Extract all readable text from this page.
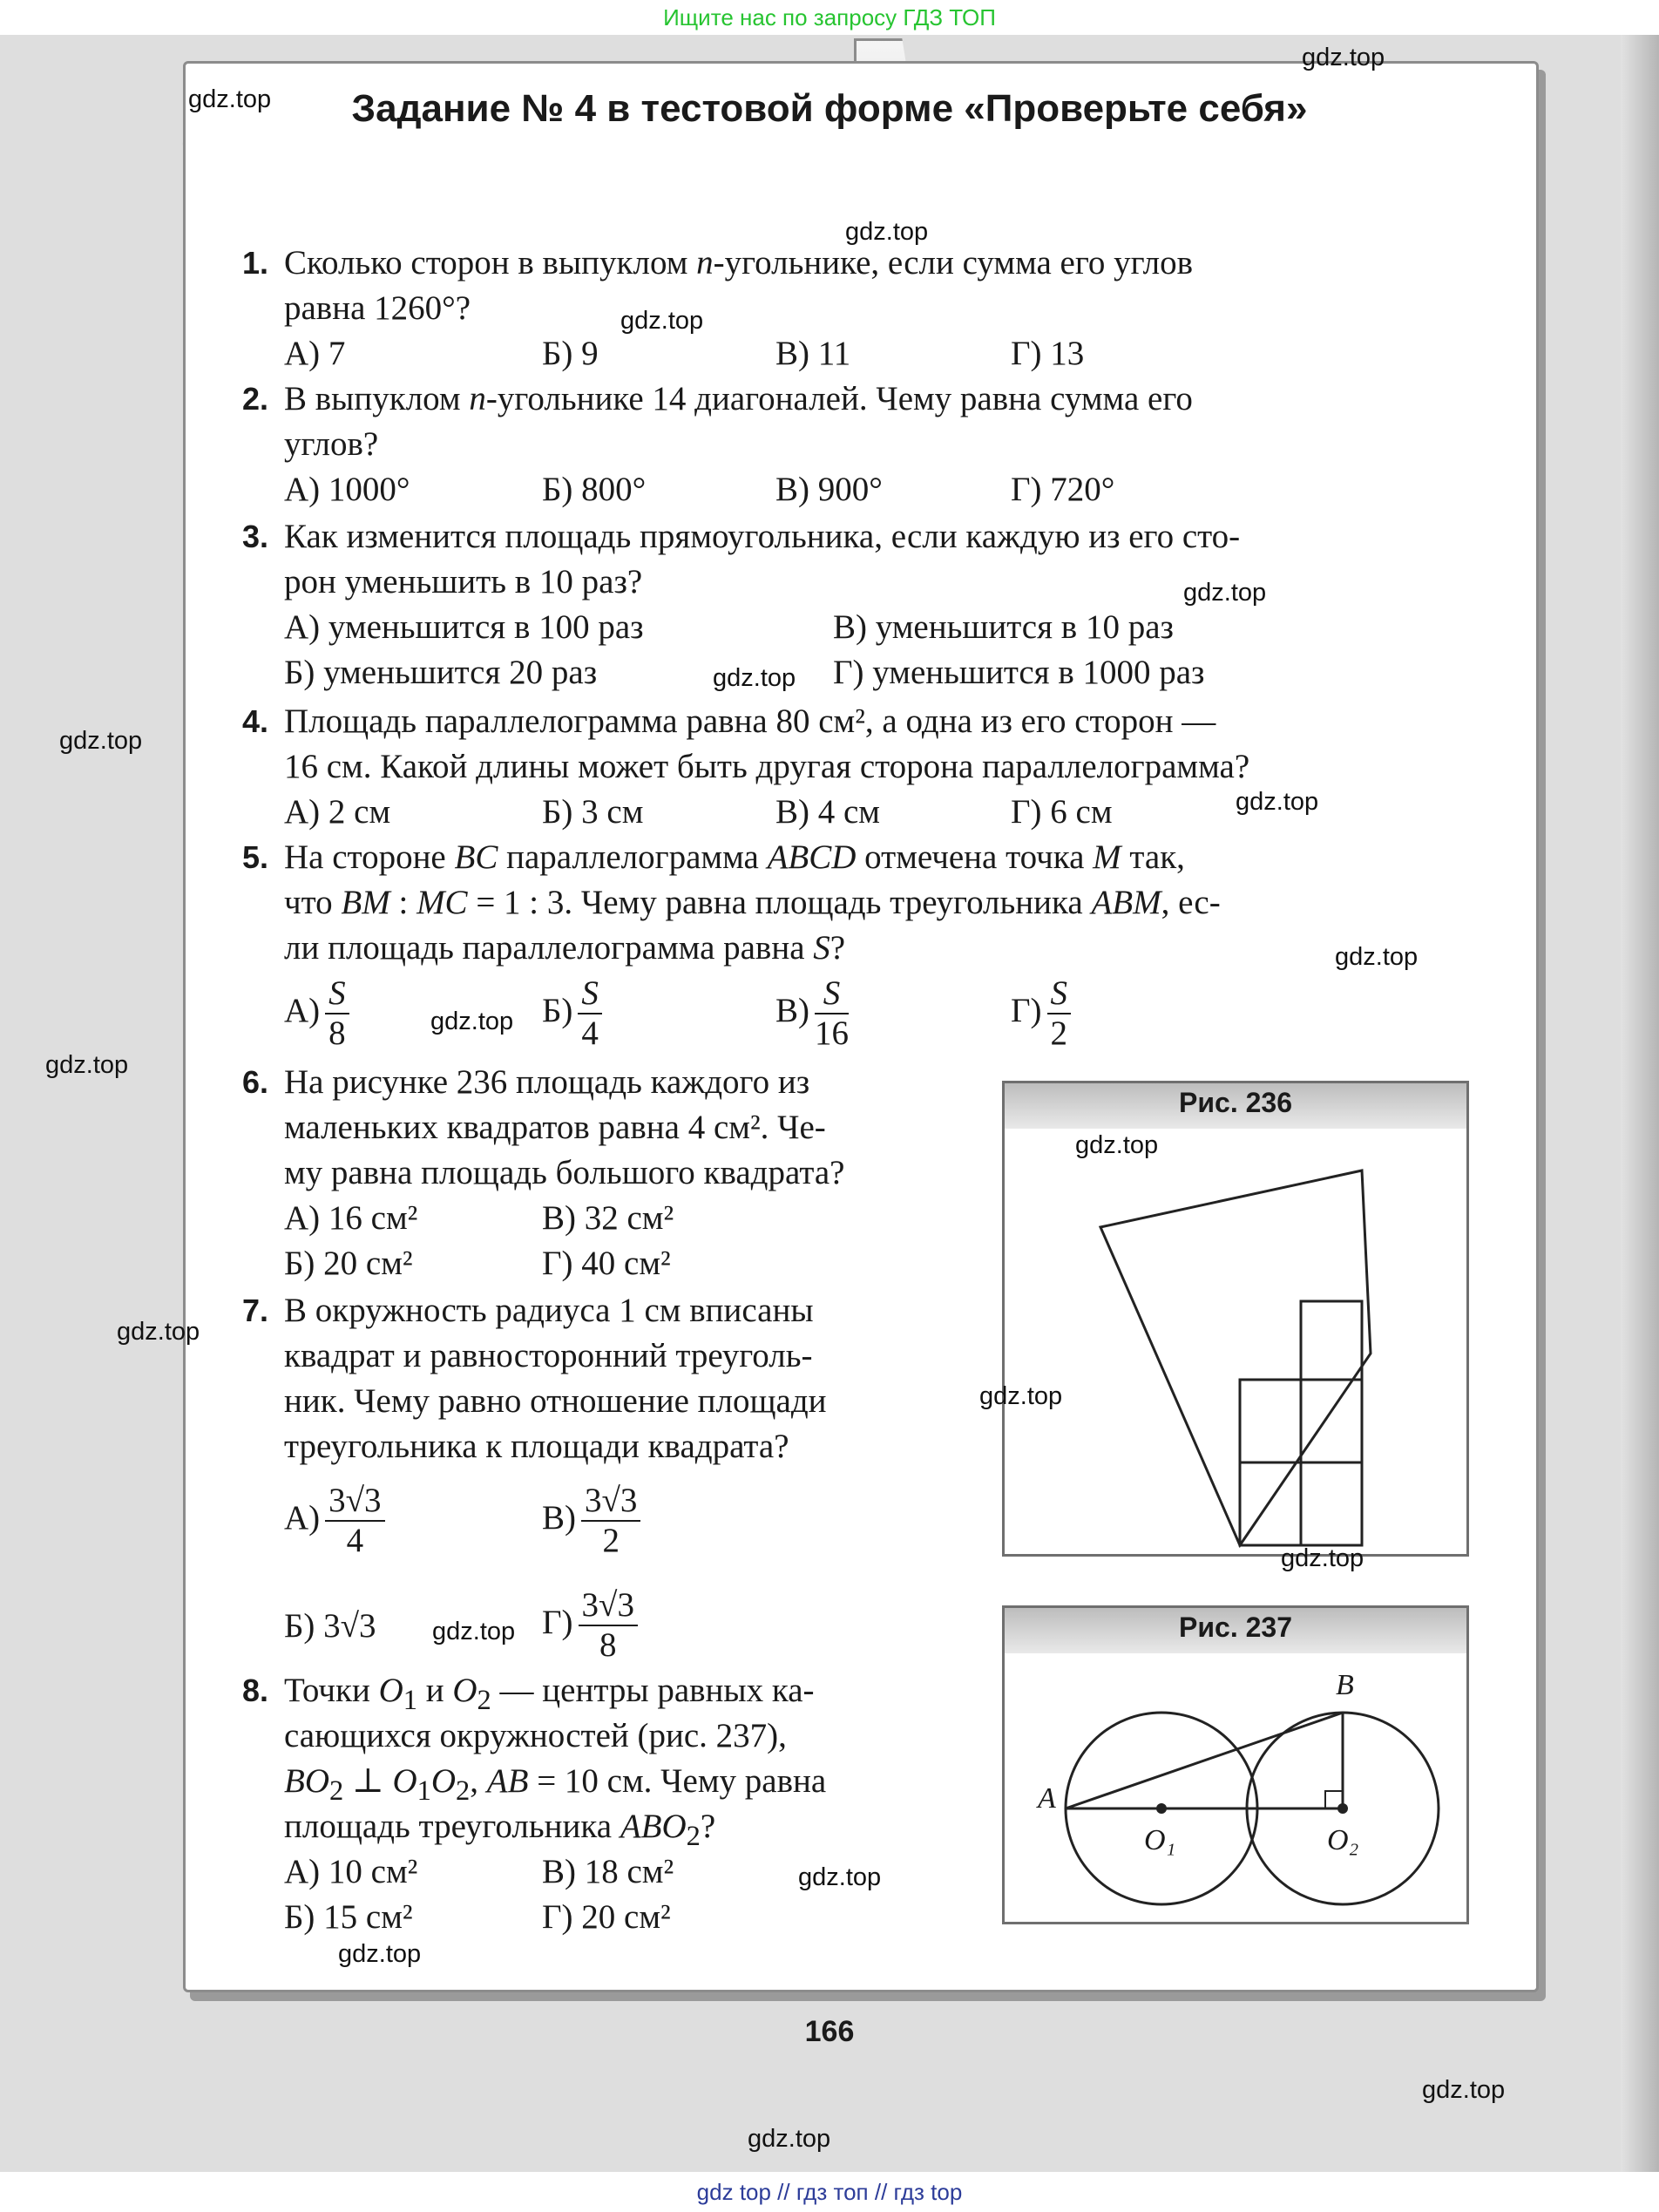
Ищите нас по запросу ГДЗ ТОП
Задание № 4 в тестовой форме «Проверьте себя»
1. Сколько сторон в выпуклом n-угольнике, если сумма его углов
равна 1260°?
А) 7	Б) 9	В) 11	Г) 13
2. В выпуклом n-угольнике 14 диагоналей. Чему равна сумма его
углов?
А) 1000°	Б) 800°	В) 900°	Г) 720°
3. Как изменится площадь прямоугольника, если каждую из его сто-
рон уменьшить в 10 раз?
А) уменьшится в 100 раз	В) уменьшится в 10 раз
Б) уменьшится 20 раз	Г) уменьшится в 1000 раз
4. Площадь параллелограмма равна 80 см², а одна из его сторон —
16 см. Какой длины может быть другая сторона параллелограмма?
А) 2 см	Б) 3 см	В) 4 см	Г) 6 см
5. На стороне BC параллелограмма ABCD отмечена точка M так,
что BM : MC = 1 : 3. Чему равна площадь треугольника ABM, ес-
ли площадь параллелограмма равна S?
$А) \frac{S}{8}$	$Б) \frac{S}{4}$	$В) \frac{S}{16}$	$Г) \frac{S}{2}$
6. На рисунке 236 площадь каждого из
маленьких квадратов равна 4 см². Че-
му равна площадь большого квадрата?
А) 16 см²	В) 32 см²
Б) 20 см²	Г) 40 см²
7. В окружность радиуса 1 см вписаны
квадрат и равносторонний треуголь-
ник. Чему равно отношение площади
треугольника к площади квадрата?
$А) \frac{3√3}{4}$	$В) \frac{3√3}{2}$
Б) 3√3	$Г) \frac{3√3}{8}$
8. Точки $O_1$ и $O_2$ — центры равных ка-
сающихся окружностей (рис. 237),
$BO_2$ ⊥ $O_1O_2$, AB = 10 см. Чему равна
площадь треугольника $ABO_2$?
А) 10 см²	В) 18 см²
Б) 15 см²	Г) 20 см²
Рис. 236
Рис. 237
A
B
O₁	O₂
166
gdz.top
gdz.top
gdz.top
gdz.top
gdz.top
gdz.top
gdz.top
gdz.top
gdz.top
gdz.top
gdz.top
gdz.top
gdz.top
gdz.top
gdz.top
gdz.top
gdz.top
gdz.top
gdz.top
gdz.top
gdz top // гдз топ // гдз top
